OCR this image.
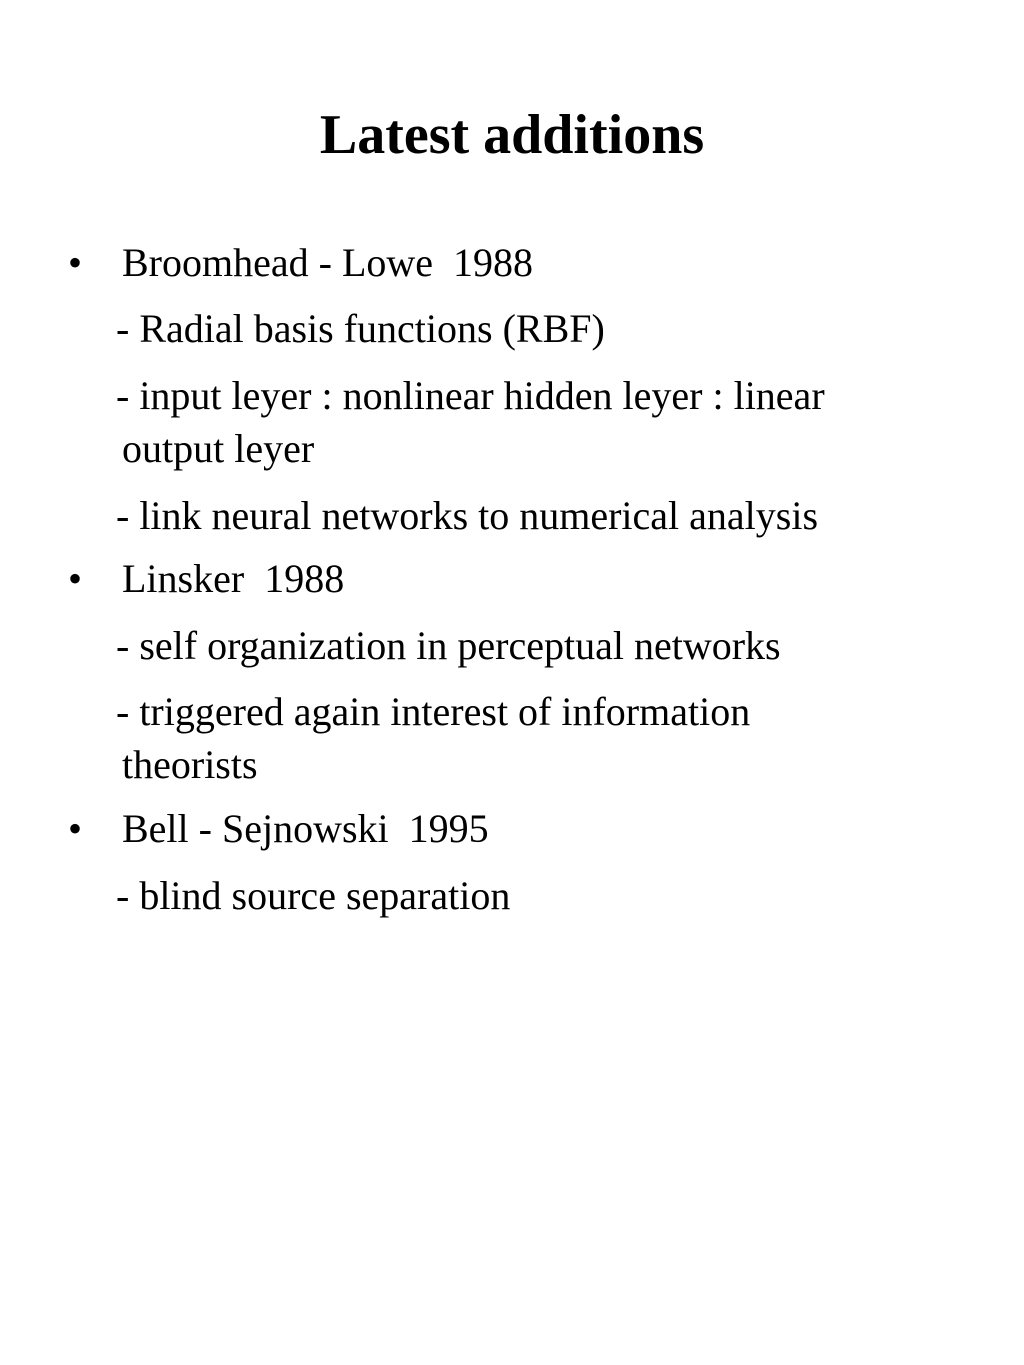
Latest additions
• Broomhead - Lowe  1988
- Radial basis functions (RBF)
- input leyer : nonlinear hidden leyer : linear
output leyer
- link neural networks to numerical analysis
• Linsker  1988
- self organization in perceptual networks
- triggered again interest of information
theorists
• Bell - Sejnowski  1995
- blind source separation
